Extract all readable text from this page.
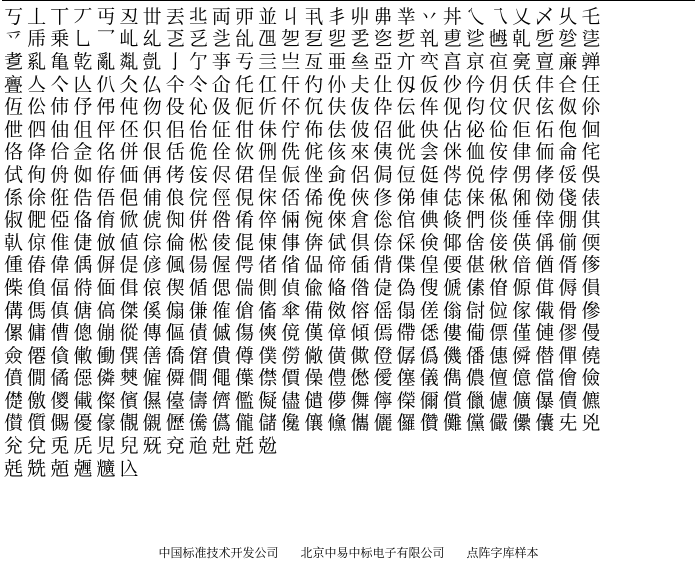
丂 丄 丅 丆 丏 丒 丗 丟 丠 両 丣 並 丩 丮 丯 丱 丳 丵 丷 丼 乀 乁 乂 乄 乆 乇
乊 乕 乗 乚 乛 乢 乣 乤 乥 乧 乨 乪 乫 乭 乮 乯 乲 乴 乵 乶 乷 乸 乹 乺 乻 乼
乽 乿 亀 亁 亂 亃 亄 亅 亇 亊 亐 亖 亗 亙 亜 亝 亞 亣 亪 亯 亰 亱 亴 亶 亷 亸
亹 亼 亽 亾 仈 仌 仏 仐 仒 仚 仛 仜 仠 仢 仦 仧 仩 仭 仮 仯 仱 仴 仸 仹 仺 仼
仾 伀 伂 伃 伄 伅 伆 伇 伈 伋 伌 伒 伓 伔 伕 伖 伜 伝 伡 伣 伨 伩 伬 伭 伮 伱
伳 伵 伷 伹 伻 伾 伿 佀 佁 佂 佄 佅 佇 佈 佉 佊 佋 佌 佒 佔 佖 佡 佢 佦 佨 佪
佫 佭 佮 佱 佲 併 佷 佸 佹 佺 佽 侀 侁 侂 侅 來 侇 侊 侌 侎 侐 侒 侓 侕 侖 侘
侙 侚 侜 侞 侟 価 侢 侤 侫 侭 侰 侱 侲 侳 侴 侶 侷 侸 侹 侺 侻 侼 侽 侾 俀 俁
係 俆 俇 俈 俉 俋 俌 俍 俒 俓 俔 俕 俖 俙 俛 俠 俢 俤 俥 俧 俫 俬 俰 俲 俴 俵
俶 俷 俹 俻 俼 俽 俿 倁 倂 倃 倄 倅 倆 倇 倈 倉 倊 倌 倎 倐 們 倓 倕 倖 倗 倛
倝 倞 倠 倢 倣 値 倧 倫 倯 倰 倱 倲 倳 倴 倵 倶 倷 倸 倹 倻 倽 倿 偀 偁 偂 偄
偅 偆 偉 偊 偋 偍 偐 偑 偒 偓 偔 偖 偗 偘 偙 偛 偝 偞 偟 偠 偡 偢 偣 偤 偦 偧
偨 偩 偪 偫 偭 偮 偯 偰 偱 偲 偳 側 偵 偸 偹 偺 偼 偽 傁 傂 傃 傄 傆 傇 傉 傊
傋 傌 傎 傏 傐 傑 傒 傓 傔 傕 傖 傗 傘 備 傚 傛 傜 傝 傞 傟 傠 傡 傢 傤 傦 傪
傫 傭 傮 傯 傰 傱 傳 傴 債 傶 傷 傸 傹 傼 傽 傾 傿 僀 僁 僂 僃 僄 僅 僆 僇 僈
僉 僊 僋 僌 働 僎 僐 僑 僒 僓 僔 僕 僗 僘 僙 僛 僜 僝 僞 僟 僠 僡 僢 僣 僤 僥
僨 僩 僪 僫 僯 僰 僱 僲 僴 僶 僷 僸 價 僺 僼 僽 僾 僿 儀 儁 儂 儃 億 儅 儈 儉
儊 儌 儍 儎 儏 儐 儑 儓 儔 儕 儖 儗 儘 儙 儚 儛 儜 儝 儞 償 儠 儢 儣 儤 儥 儦
儧 儨 儩 優 儫 儬 儭 儮 儯 儰 儱 儲 儳 儴 儵 儶 儷 儸 儹 儺 儻 儼 儽 儾 兂 兇
兊 兌 兎 兏 児 兒 兓 兗 兘 兙 兛 兝
兞 兟 兡 兣 兤 兦
中国标准技术开发公司 北京中易中标电子有限公司 点阵字库样本
